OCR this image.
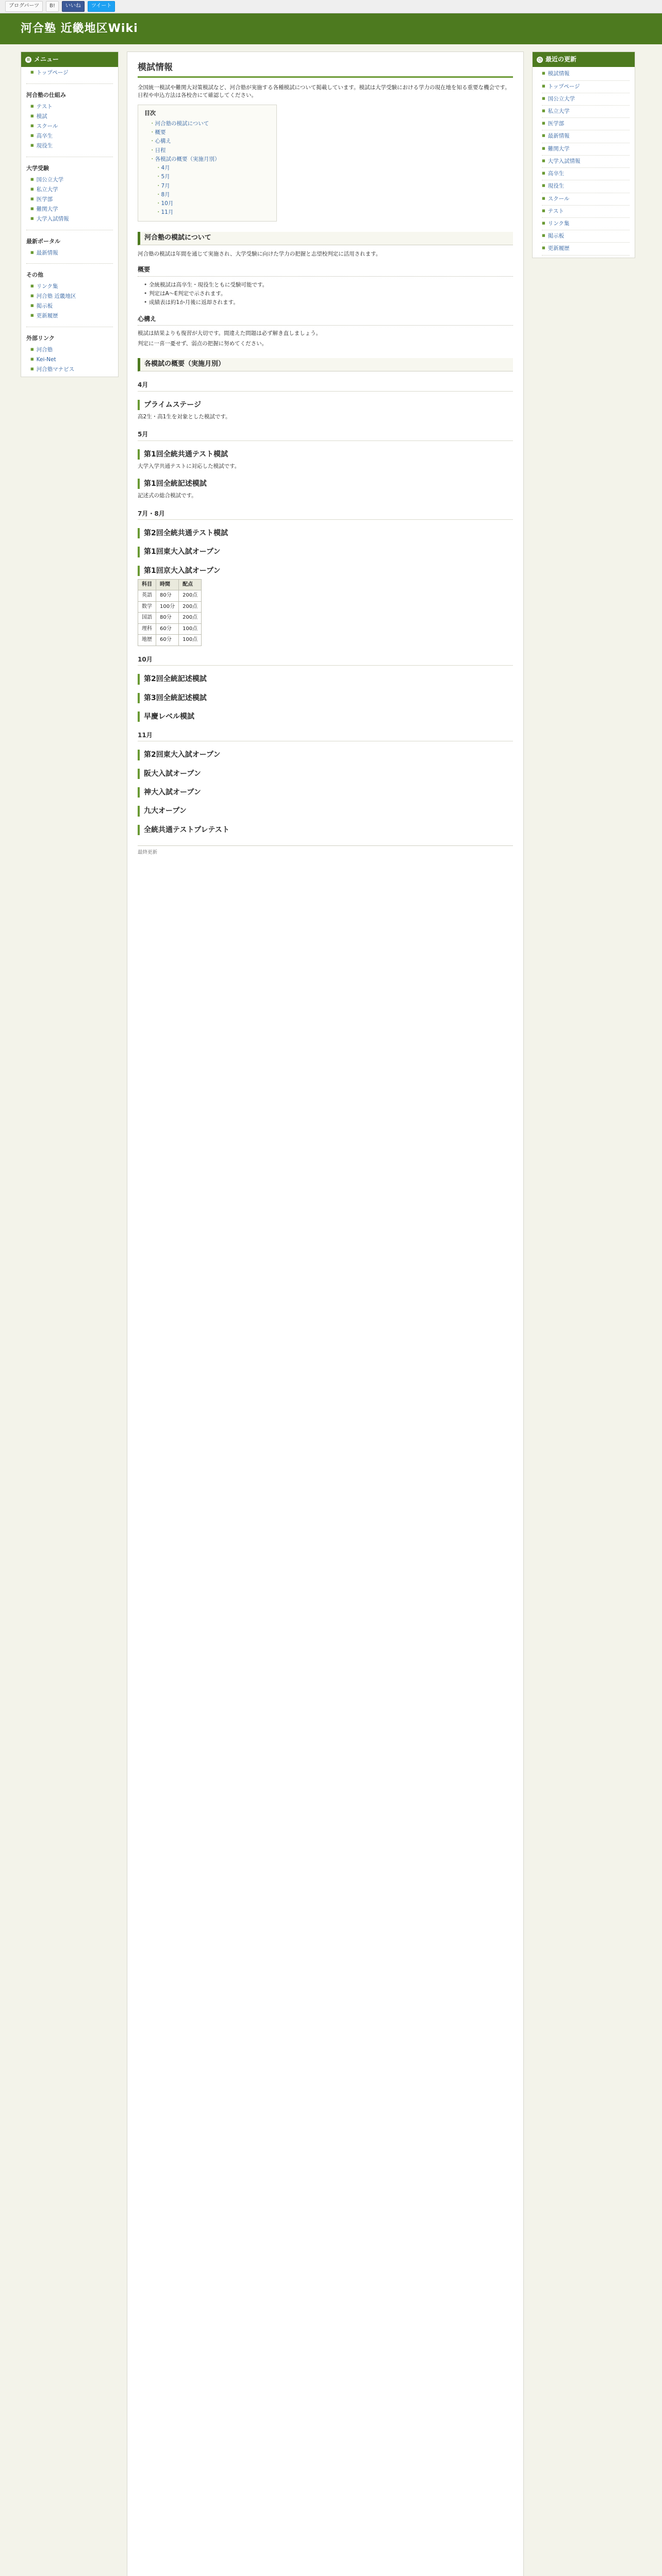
ブログパーツ	B!	いいね	ツイート
河合塾 近畿地区Wiki
≡ メニュー
■ トップページ
河合塾の仕組み
■ テスト
■ 模試
■ スクール
■ 高卒生
■ 現役生
大学受験
■ 国公立大学
■ 私立大学
■ 医学部
■ 難関大学
■ 大学入試情報
最新ポータル
■ 最新情報
その他
■ リンク集
■ 河合塾 近畿地区
■ 掲示板
■ 更新履歴
外部リンク
■ 河合塾
■ Kei-Net
■ 河合塾マナビス
模試情報

全国統一模試や難関大対策模試など、河合塾が実施する各種模試について掲載しています。模試は大学受験における学力の現在地を知る重要な機会です。日程や申込方法は各校舎にて確認してください。

目次
・ 河合塾の模試について
・ 概要
・ 心構え
・ 日程
・ 各模試の概要（実施月別）
・ 4月
・ 5月
・ 7月
・ 8月
・ 10月
・ 11月
河合塾の模試について

河合塾の模試は年間を通じて実施され、大学受験に向けた学力の把握と志望校判定に活用されます。

概要
• 全統模試は高卒生・現役生ともに受験可能です。
• 判定はA〜E判定で示されます。
• 成績表は約1か月後に返却されます。
心構え

模試は結果よりも復習が大切です。間違えた問題は必ず解き直しましょう。

判定に一喜一憂せず、弱点の把握に努めてください。

各模試の概要（実施月別）
4月
プライムステージ

高2生・高1生を対象とした模試です。

5月
第1回全統共通テスト模試

大学入学共通テストに対応した模試です。

第1回全統記述模試

記述式の総合模試です。

7月・8月
第2回全統共通テスト模試
第1回東大入試オープン
第1回京大入試オープン
科目	時間	配点
英語	80分	200点
数学	100分	200点
国語	80分	200点
理科	60分	100点
地歴	60分	100点
10月
第2回全統記述模試
第3回全統記述模試
早慶レベル模試
11月
第2回東大入試オープン
阪大入試オープン
神大入試オープン
九大オープン
全統共通テストプレテスト
最終更新
◷ 最近の更新
■ 模試情報
■ トップページ
■ 国公立大学
■ 私立大学
■ 医学部
■ 最新情報
■ 難関大学
■ 大学入試情報
■ 高卒生
■ 現役生
■ スクール
■ テスト
■ リンク集
■ 掲示板
■ 更新履歴
